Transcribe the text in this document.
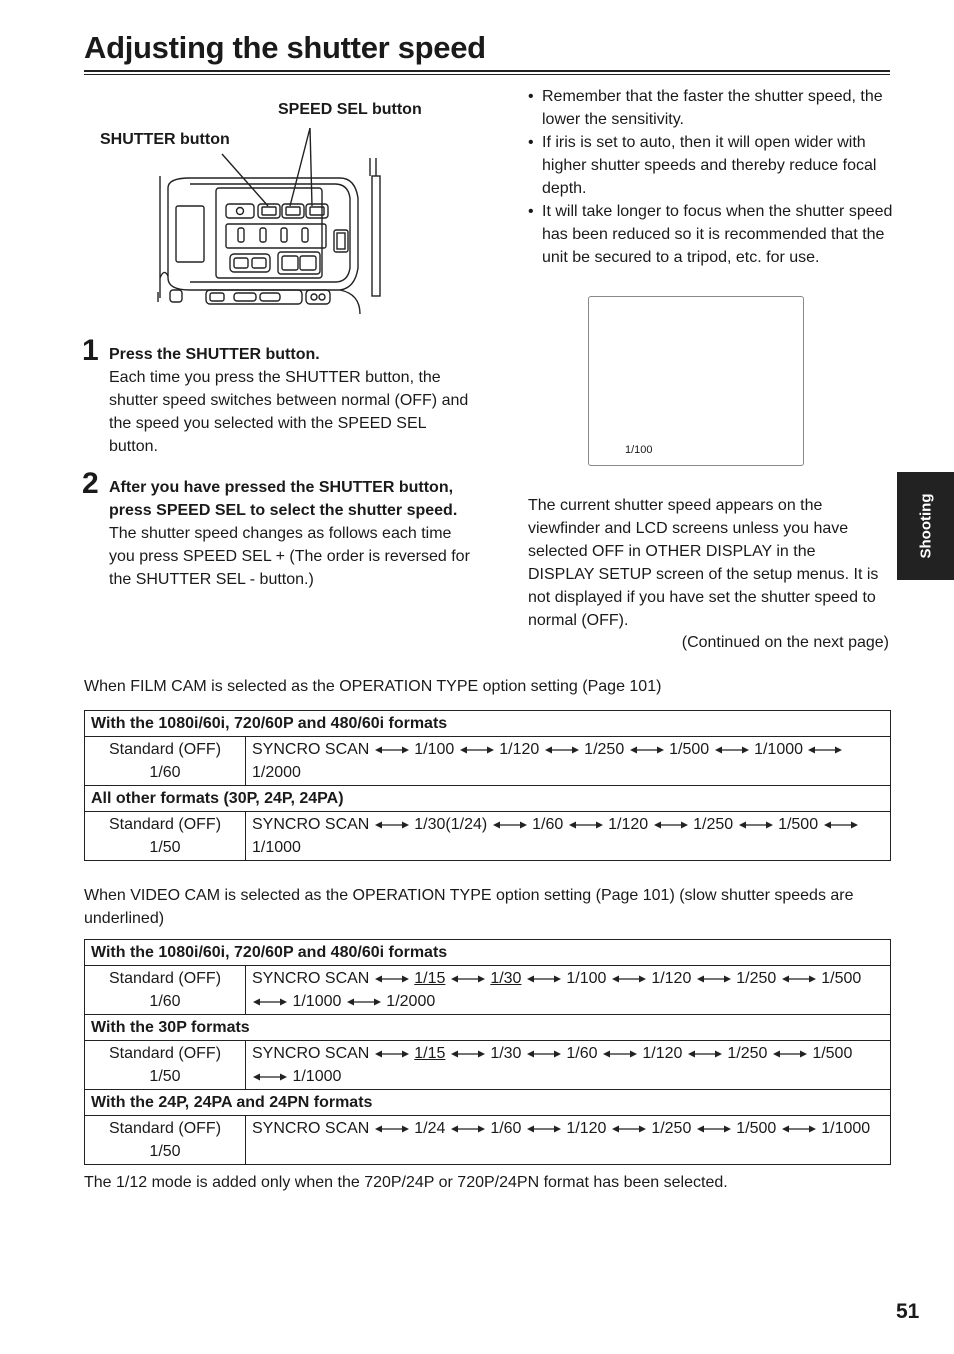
Adjusting the shutter speed
SPEED SEL button
SHUTTER button
1 Press the SHUTTER button.
Each time you press the SHUTTER button, the shutter speed switches between normal (OFF) and the speed you selected with the SPEED SEL button.
2 After you have pressed the SHUTTER button, press SPEED SEL to select the shutter speed.
The shutter speed changes as follows each time you press SPEED SEL + (The order is reversed for the SHUTTER SEL - button.)
• Remember that the faster the shutter speed, the lower the sensitivity.
• If iris is set to auto, then it will open wider with higher shutter speeds and thereby reduce focal depth.
• It will take longer to focus when the shutter speed has been reduced so it is recommended that the unit be secured to a tripod, etc. for use.
1/100
The current shutter speed appears on the viewfinder and LCD screens unless you have selected OFF in OTHER DISPLAY in the DISPLAY SETUP screen of the setup menus. It is not displayed if you have set the shutter speed to normal (OFF).
(Continued on the next page)
When FILM CAM is selected as the OPERATION TYPE option setting (Page 101)
With the 1080i/60i, 720/60P and 480/60i formats	

Standard (OFF)
1/60	SYNCRO SCAN 1/100 1/120 1/250 1/500 1/1000  1/2000
All other formats (30P, 24P, 24PA)	

Standard (OFF)
1/50	SYNCRO SCAN 1/30(1/24) 1/60 1/120 1/250 1/500  1/1000
When VIDEO CAM is selected as the OPERATION TYPE option setting (Page 101) (slow shutter speeds are underlined)
With the 1080i/60i, 720/60P and 480/60i formats	

Standard (OFF)
1/60	SYNCRO SCAN 1/15 1/30 1/100 1/120 1/250 1/500  1/1000 1/2000
With the 30P formats	

Standard (OFF)
1/50	SYNCRO SCAN 1/15 1/30 1/60 1/120 1/250 1/500  1/1000
With the 24P, 24PA and 24PN formats	

Standard (OFF)
1/50	SYNCRO SCAN 1/24 1/60 1/120 1/250 1/500 1/1000
The 1/12 mode is added only when the 720P/24P or 720P/24PN format has been selected.
Shooting
51
